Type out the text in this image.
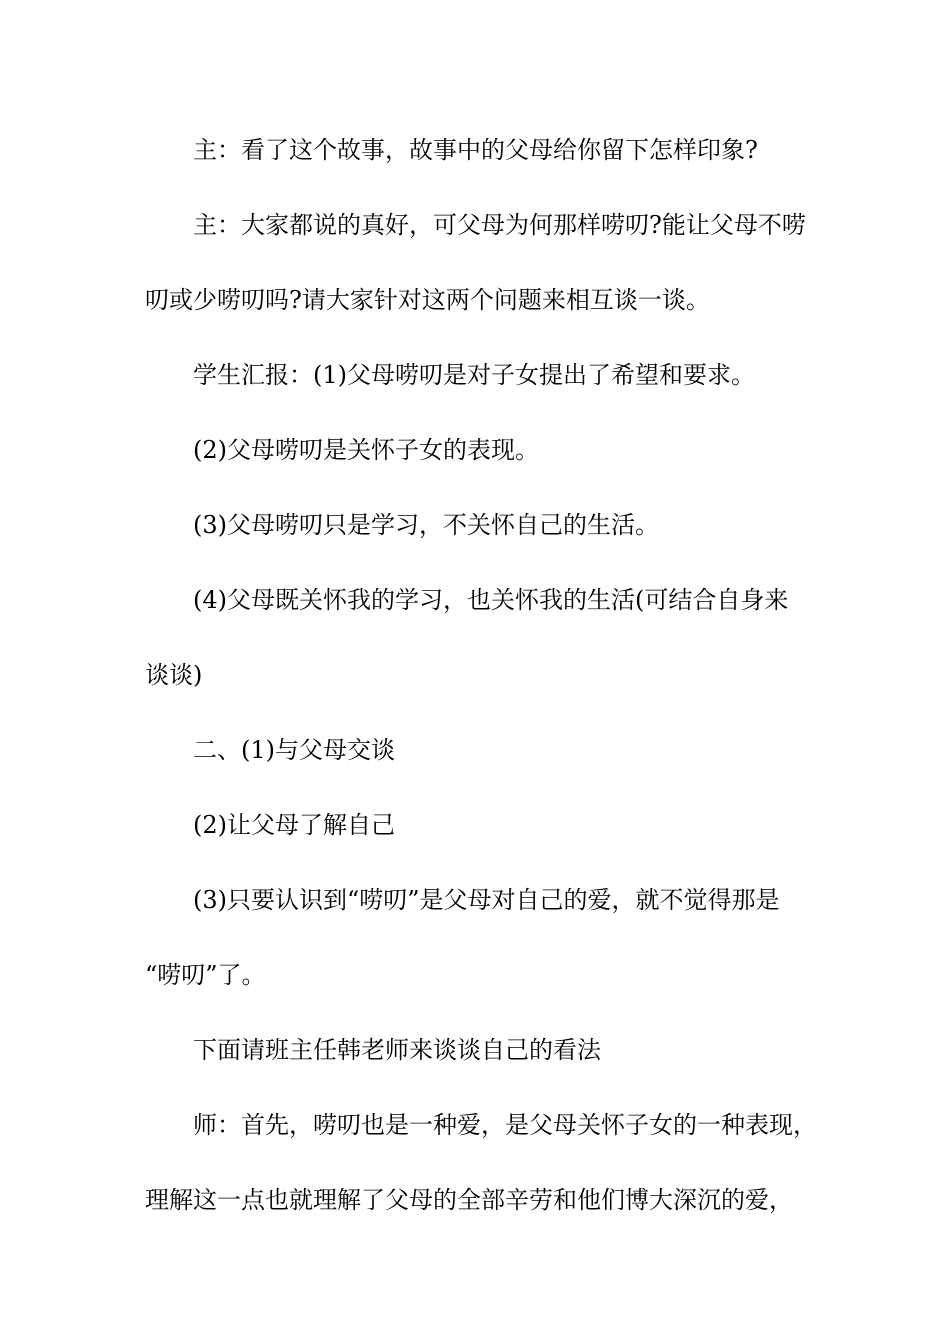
主：看了这个故事，故事中的父母给你留下怎样印象?

主：大家都说的真好，可父母为何那样唠叨?能让父母不唠

叨或少唠叨吗?请大家针对这两个问题来相互谈一谈。

学生汇报：(1)父母唠叨是对子女提出了希望和要求。

(2)父母唠叨是关怀子女的表现。

(3)父母唠叨只是学习，不关怀自己的生活。

(4)父母既关怀我的学习，也关怀我的生活(可结合自身来

谈谈)

二、(1)与父母交谈

(2)让父母了解自己

(3)只要认识到“唠叨”是父母对自己的爱，就不觉得那是

“唠叨”了。

下面请班主任韩老师来谈谈自己的看法

师：首先，唠叨也是一种爱，是父母关怀子女的一种表现，

理解这一点也就理解了父母的全部辛劳和他们博大深沉的爱，
